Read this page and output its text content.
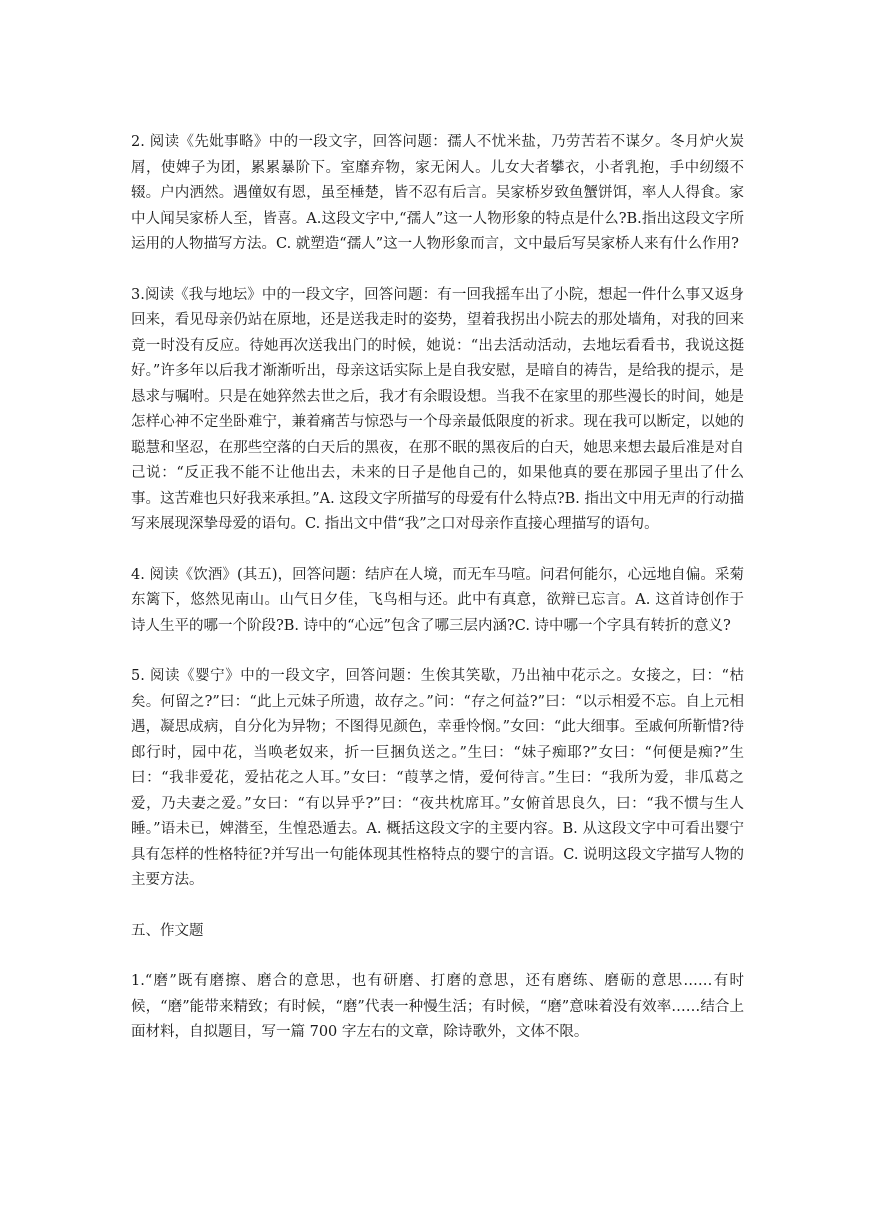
2. 阅读《先妣事略》中的一段文字，回答问题：孺人不忧米盐，乃劳苦若不谋夕。冬月炉火炭屑，使婢子为团，累累暴阶下。室靡弃物，家无闲人。儿女大者攀衣，小者乳抱，手中纫缀不辍。户内洒然。遇僮奴有恩，虽至棰楚，皆不忍有后言。吴家桥岁致鱼蟹饼饵，率人人得食。家中人闻吴家桥人至，皆喜。A.这段文字中,“孺人”这一人物形象的特点是什么?B.指出这段文字所运用的人物描写方法。C. 就塑造“孺人”这一人物形象而言，文中最后写吴家桥人来有什么作用?

3.阅读《我与地坛》中的一段文字，回答问题：有一回我摇车出了小院，想起一件什么事又返身回来，看见母亲仍站在原地，还是送我走时的姿势，望着我拐出小院去的那处墙角，对我的回来竟一时没有反应。待她再次送我出门的时候，她说：“出去活动活动，去地坛看看书，我说这挺好。”许多年以后我才渐渐听出，母亲这话实际上是自我安慰，是暗自的祷告，是给我的提示，是恳求与嘱咐。只是在她猝然去世之后，我才有余暇设想。当我不在家里的那些漫长的时间，她是怎样心神不定坐卧难宁，兼着痛苦与惊恐与一个母亲最低限度的祈求。现在我可以断定，以她的聪慧和坚忍，在那些空落的白天后的黑夜，在那不眠的黑夜后的白天，她思来想去最后准是对自己说：“反正我不能不让他出去，未来的日子是他自己的，如果他真的要在那园子里出了什么事。这苦难也只好我来承担。”A. 这段文字所描写的母爱有什么特点?B. 指出文中用无声的行动描写来展现深挚母爱的语句。C. 指出文中借“我”之口对母亲作直接心理描写的语句。

4. 阅读《饮酒》(其五)，回答问题：结庐在人境，而无车马喧。问君何能尔，心远地自偏。采菊东篱下，悠然见南山。山气日夕佳，飞鸟相与还。此中有真意，欲辩已忘言。A. 这首诗创作于诗人生平的哪一个阶段?B. 诗中的“心远”包含了哪三层内涵?C. 诗中哪一个字具有转折的意义?

5. 阅读《婴宁》中的一段文字，回答问题：生俟其笑歇，乃出袖中花示之。女接之，曰：“枯矣。何留之?”曰：“此上元妹子所遗，故存之。”问：“存之何益?”曰：“以示相爱不忘。自上元相遇，凝思成病，自分化为异物；不图得见颜色，幸垂怜悯。”女回：“此大细事。至戚何所靳惜?待郎行时，园中花，当唤老奴来，折一巨捆负送之。”生曰：“妹子痴耶?”女曰：“何便是痴?”生曰：“我非爱花，爱拈花之人耳。”女曰：“葭莩之情，爱何待言。”生曰：“我所为爱，非瓜葛之爱，乃夫妻之爱。”女曰：“有以异乎?”曰：“夜共枕席耳。”女俯首思良久，曰：“我不惯与生人睡。”语未已，婢潜至，生惶恐遁去。A. 概括这段文字的主要内容。B. 从这段文字中可看出婴宁具有怎样的性格特征?并写出一句能体现其性格特点的婴宁的言语。C. 说明这段文字描写人物的主要方法。

五、作文题

1.“磨”既有磨擦、磨合的意思，也有研磨、打磨的意思，还有磨练、磨砺的意思……有时候，“磨”能带来精致；有时候，“磨”代表一种慢生活；有时候，“磨”意味着没有效率……结合上面材料，自拟题目，写一篇 700 字左右的文章，除诗歌外，文体不限。
